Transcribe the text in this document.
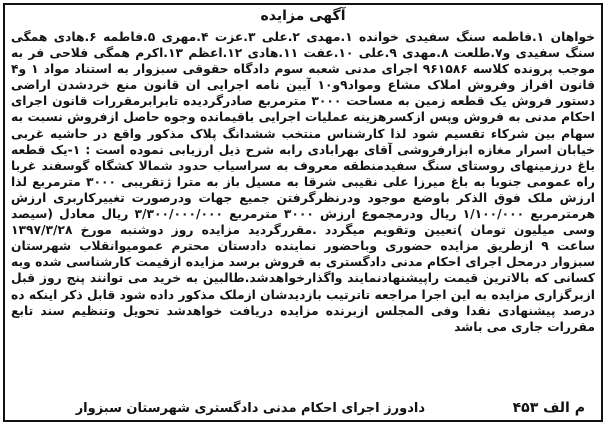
آگهی مزایده
خواهان ۱.فاطمه سنگ سفیدی خوانده ۱.مهدی ۲.علی ۳.عزت ۴.مهری ۵.فاطمه ۶.هادی همگی سنگ سفیدی و۷.طلعت ۸.مهدی ۹.علی ۱۰.عفت ۱۱.هادی ۱۲.اعظم ۱۳.اکرم همگی فلاحی فر به موجب پرونده کلاسه ۹۶۱۵۸۶ اجرای مدنی شعبه سوم دادگاه حقوقی سبزوار به استناد مواد ۱ و۴ قانون افراز وفروش املاک مشاع ومواد۹و۱۰ آیین نامه اجرایی ان قانون منع خردشدن اراضی دستور فروش یک قطعه زمین به مساحت ۳۰۰۰ مترمربع صادرگردیده تابرابرمقررات قانون اجرای احکام مدنی به فروش وپس ازکسرهزینه عملیات اجرایی باقیمانده وجوه حاصل ازفروش نسبت به سهام بین شرکاء تقسیم شود لذا کارشناس منتخب ششدانگ پلاک مذکور واقع در حاشیه غربی خیابان اسرار مغازه ابزارفروشی آقای بهرابادی رابه شرح ذیل ارزیابی نموده است : ۱-یک قطعه باغ درزمینهای روستای سنگ سفیدمنطقه معروف به سراسیاب حدود شمالا کشگاه گوسفند غربا راه عمومی جنوبا به باغ میرزا علی نقیبی شرقا به مسیل باز به مترا ژتقریبی ۳۰۰۰ مترمربع لذا ارزش ملک فوق الذکر باوضع موجود ودرنظرگرفتن جمیع جهات ودرصورت تغییرکاربری ارزش هرمترمربع ۱/۱۰۰/۰۰۰ ریال ودرمجموع ارزش ۳۰۰۰ مترمربع ۳/۳۰۰/۰۰۰/۰۰۰ ریال معادل (سیصد وسی میلیون تومان )تعیین وتقویم میگردد .مقررگردید مزایده روز دوشنبه مورخ ۱۳۹۷/۳/۲۸ ساعت ۹ ازطریق مزایده حضوری وباحضور نماینده دادستان محترم عمومیوانقلاب شهرستان سبزوار درمحل اجرای احکام مدنی دادگستری به فروش برسد مزایده ازقیمت کارشناسی شده وبه کسانی که بالاترین قیمت راپیشنهادنمایند واگذارخواهدشد.طالبین به خرید می توانند پنج روز قبل ازبرگزاری مزایده به این اجرا مراجعه تاترتیب بازدیدشان ازملک مذکور داده شود قابل ذکر اینکه ده درصد پیشنهادی نقدا وفی المجلس ازبرنده مزایده دریافت خواهدشد تحویل وتنظیم سند تابع مقررات جاری می باشد
م الف ۴۵۳
دادورز اجرای احکام مدنی دادگستری شهرستان سبزوار
